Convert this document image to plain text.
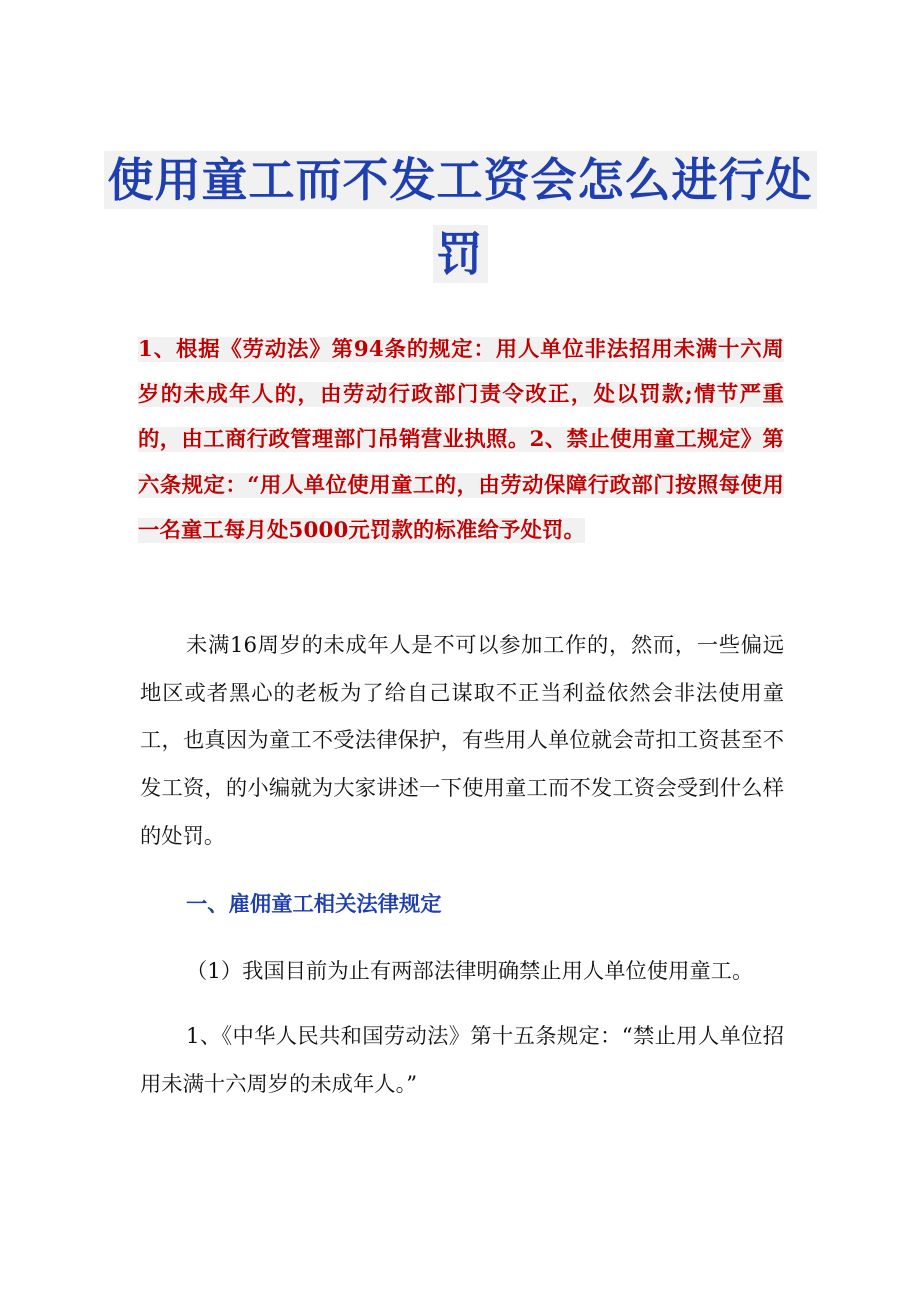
使用童工而不发工资会怎么进行处罚
1、根据《劳动法》第94条的规定：用人单位非法招用未满十六周岁的未成年人的，由劳动行政部门责令改正，处以罚款;情节严重的，由工商行政管理部门吊销营业执照。2、禁止使用童工规定》第六条规定：“用人单位使用童工的，由劳动保障行政部门按照每使用一名童工每月处5000元罚款的标准给予处罚。

未满16周岁的未成年人是不可以参加工作的，然而，一些偏远地区或者黑心的老板为了给自己谋取不正当利益依然会非法使用童工，也真因为童工不受法律保护，有些用人单位就会苛扣工资甚至不发工资，的小编就为大家讲述一下使用童工而不发工资会受到什么样的处罚。

一、雇佣童工相关法律规定

（1）我国目前为止有两部法律明确禁止用人单位使用童工。

1、《中华人民共和国劳动法》第十五条规定：“禁止用人单位招用未满十六周岁的未成年人。”
